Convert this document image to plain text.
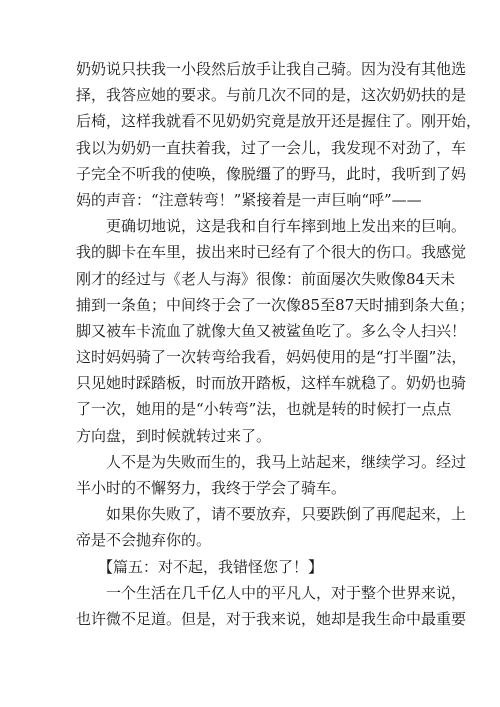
奶奶说只扶我一小段然后放手让我自己骑。因为没有其他选
择，我答应她的要求。与前几次不同的是，这次奶奶扶的是
后椅，这样我就看不见奶奶究竟是放开还是握住了。刚开始，
我以为奶奶一直扶着我，过了一会儿，我发现不对劲了，车
子完全不听我的使唤，像脱缰了的野马，此时，我听到了妈
妈的声音：“注意转弯！”紧接着是一声巨响“呼”——
更确切地说，这是我和自行车摔到地上发出来的巨响。
我的脚卡在车里，拔出来时已经有了个很大的伤口。我感觉
刚才的经过与《老人与海》很像：前面屡次失败像84天未
捕到一条鱼；中间终于会了一次像85至87天时捕到条大鱼；
脚又被车卡流血了就像大鱼又被鲨鱼吃了。多么令人扫兴！
这时妈妈骑了一次转弯给我看，妈妈使用的是“打半圈”法，
只见她时踩踏板，时而放开踏板，这样车就稳了。奶奶也骑
了一次，她用的是“小转弯”法，也就是转的时候打一点点
方向盘，到时候就转过来了。
人不是为失败而生的，我马上站起来，继续学习。经过
半小时的不懈努力，我终于学会了骑车。
如果你失败了，请不要放弃，只要跌倒了再爬起来，上
帝是不会抛弃你的。
【篇五：对不起，我错怪您了！】
一个生活在几千亿人中的平凡人，对于整个世界来说，
也许微不足道。但是，对于我来说，她却是我生命中最重要
